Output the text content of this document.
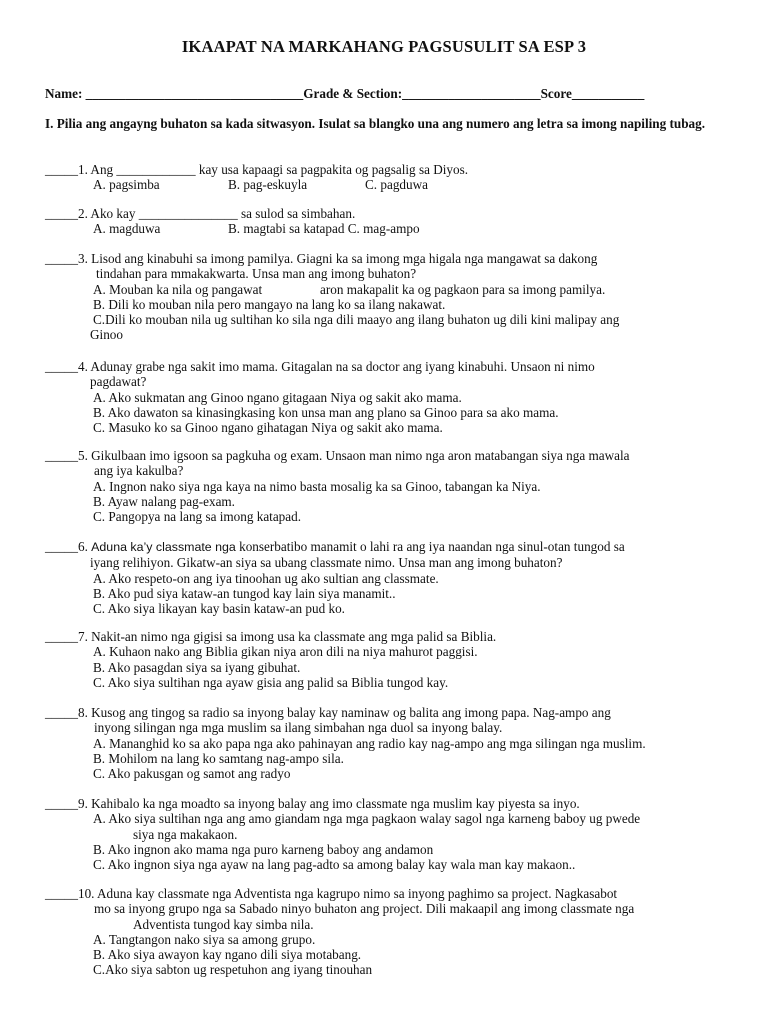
IKAAPAT NA MARKAHANG PAGSUSULIT SA ESP 3
Name: _________________________________Grade & Section:_____________________Score___________
I. Pilia ang angayng buhaton sa kada sitwasyon. Isulat sa blangko una ang numero ang letra sa imong napiling tubag.
_____1. Ang ____________ kay usa kapaagi sa pagpakita og pagsalig sa Diyos.
A. pagsimba	B. pag-eskuyla	C. pagduwa
_____2. Ako kay _______________ sa sulod sa simbahan.
A. magduwa	B. magtabi sa katapad C. mag-ampo
_____3. Lisod ang kinabuhi sa imong pamilya. Giagni ka sa imong mga higala nga mangawat sa dakong
tindahan para mmakakwarta. Unsa man ang imong buhaton?
A. Mouban ka nila og pangawat	aron makapalit ka og pagkaon para sa imong pamilya.
B. Dili ko mouban nila pero mangayo na lang ko sa ilang nakawat.
C.Dili ko mouban nila ug sultihan ko sila nga dili maayo ang ilang buhaton ug dili kini malipay ang
Ginoo
_____4. Adunay grabe nga sakit imo mama. Gitagalan na sa doctor ang iyang kinabuhi. Unsaon ni nimo
pagdawat?
A. Ako sukmatan ang Ginoo ngano gitagaan Niya og sakit ako mama.
B. Ako dawaton sa kinasingkasing kon unsa man ang plano sa Ginoo para sa ako mama.
C. Masuko ko sa Ginoo ngano gihatagan Niya og sakit ako mama.
_____5. Gikulbaan imo igsoon sa pagkuha og exam. Unsaon man nimo nga aron matabangan siya nga mawala
ang iya kakulba?
A. Ingnon nako siya nga kaya na nimo basta mosalig ka sa Ginoo, tabangan ka Niya.
B. Ayaw nalang pag-exam.
C. Pangopya na lang sa imong katapad.
_____6. Aduna ka’y classmate nga konserbatibo manamit o lahi ra ang iya naandan nga sinul-otan tungod sa
iyang relihiyon. Gikatw-an siya sa ubang classmate nimo. Unsa man ang imong buhaton?
A. Ako respeto-on ang iya tinoohan ug ako sultian ang classmate.
B. Ako pud siya kataw-an tungod kay lain siya manamit..
C. Ako siya likayan kay basin kataw-an pud ko.
_____7. Nakit-an nimo nga gigisi sa imong usa ka classmate ang mga palid sa Biblia.
A. Kuhaon nako ang Biblia gikan niya aron dili na niya mahurot paggisi.
B. Ako pasagdan siya sa iyang gibuhat.
C. Ako siya sultihan nga ayaw gisia ang palid sa Biblia tungod kay.
_____8. Kusog ang tingog sa radio sa inyong balay kay naminaw og balita ang imong papa. Nag-ampo ang
inyong silingan nga mga muslim sa ilang simbahan nga duol sa inyong balay.
A. Mananghid ko sa ako papa nga ako pahinayan ang radio kay nag-ampo ang mga silingan nga muslim.
B. Mohilom na lang ko samtang nag-ampo sila.
C. Ako pakusgan og samot ang radyo
_____9. Kahibalo ka nga moadto sa inyong balay ang imo classmate nga muslim kay piyesta sa inyo.
A. Ako siya sultihan nga ang amo giandam nga mga pagkaon walay sagol nga karneng baboy ug pwede
siya nga makakaon.
B. Ako ingnon ako mama nga puro karneng baboy ang andamon
C. Ako ingnon siya nga ayaw na lang pag-adto sa among balay kay wala man kay makaon..
_____10. Aduna kay classmate nga Adventista nga kagrupo nimo sa inyong paghimo sa project. Nagkasabot
mo sa inyong grupo nga sa Sabado ninyo buhaton ang project. Dili makaapil ang imong classmate nga
Adventista tungod kay simba nila.
A. Tangtangon nako siya sa among grupo.
B. Ako siya awayon kay ngano dili siya motabang.
C.Ako siya sabton ug respetuhon ang iyang tinouhan
